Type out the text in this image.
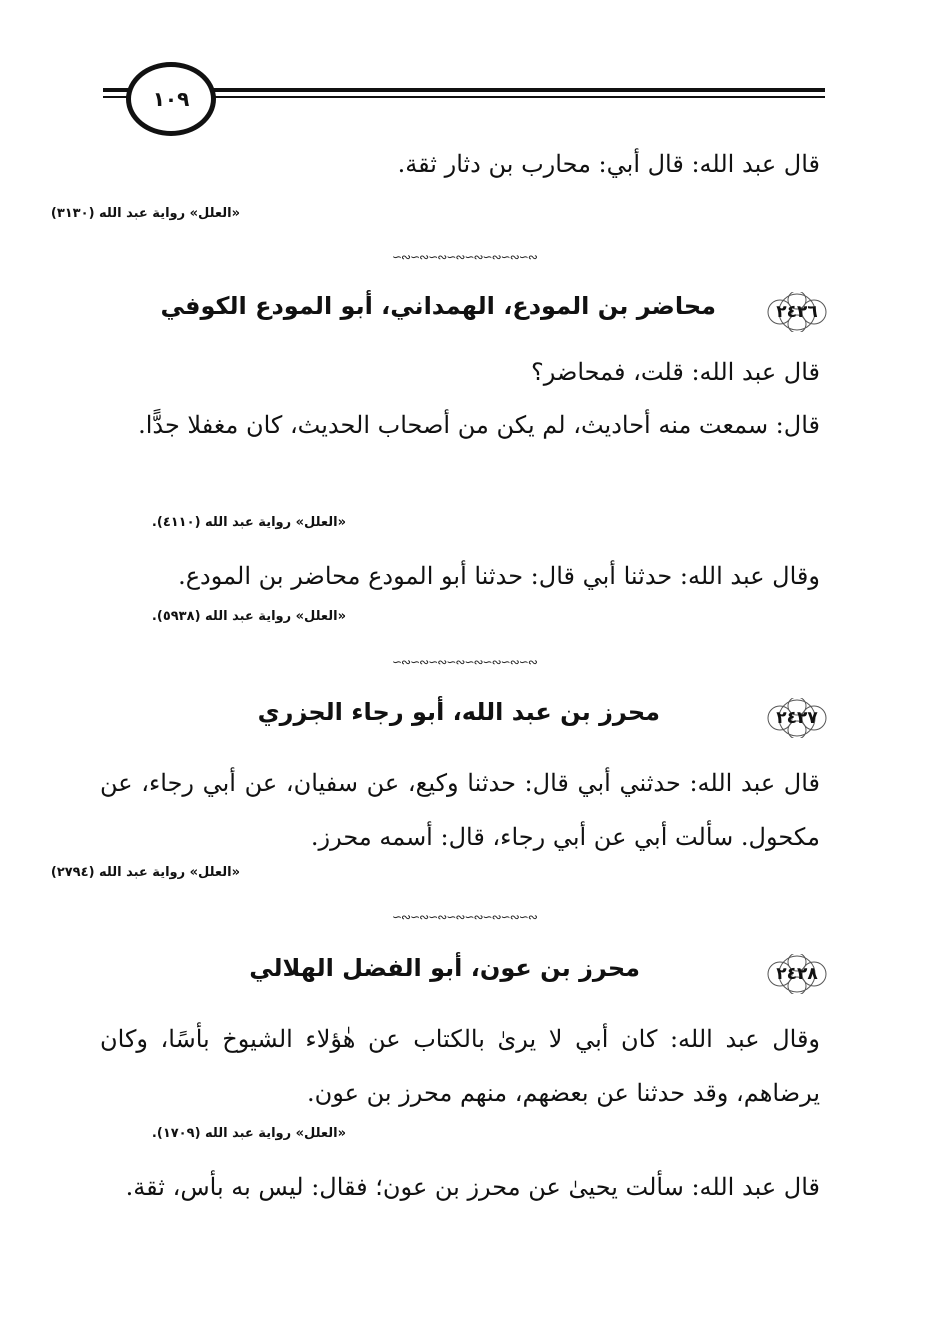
١٠٩
قال عبد الله: قال أبي: محارب بن دثار ثقة.
«العلل» رواية عبد الله (٣١٣٠)
∽∾∽∾∽∾∽∾∽∾∽∾∽∾∽∾
٢٤٢٦
محاضر بن المودع، الهمداني، أبو المودع الكوفي
قال عبد الله: قلت، فمحاضر؟
قال: سمعت منه أحاديث، لم يكن من أصحاب الحديث، كان مغفلا جدًّا.
«العلل» رواية عبد الله (٤١١٠).
وقال عبد الله: حدثنا أبي قال: حدثنا أبو المودع محاضر بن المودع.
«العلل» رواية عبد الله (٥٩٣٨).
∽∾∽∾∽∾∽∾∽∾∽∾∽∾∽∾
٢٤٢٧
محرز بن عبد الله، أبو رجاء الجزري
قال عبد الله: حدثني أبي قال: حدثنا وكيع، عن سفيان، عن أبي رجاء، عن مكحول. سألت أبي عن أبي رجاء، قال: أسمه محرز.
«العلل» رواية عبد الله (٢٧٩٤)
∽∾∽∾∽∾∽∾∽∾∽∾∽∾∽∾
٢٤٢٨
محرز بن عون، أبو الفضل الهلالي
وقال عبد الله: كان أبي لا يرىٰ بالكتاب عن هٰؤلاء الشيوخ بأسًا، وكان يرضاهم، وقد حدثنا عن بعضهم، منهم محرز بن عون.
«العلل» رواية عبد الله (١٧٠٩).
قال عبد الله: سألت يحيىٰ عن محرز بن عون؛ فقال: ليس به بأس، ثقة.
